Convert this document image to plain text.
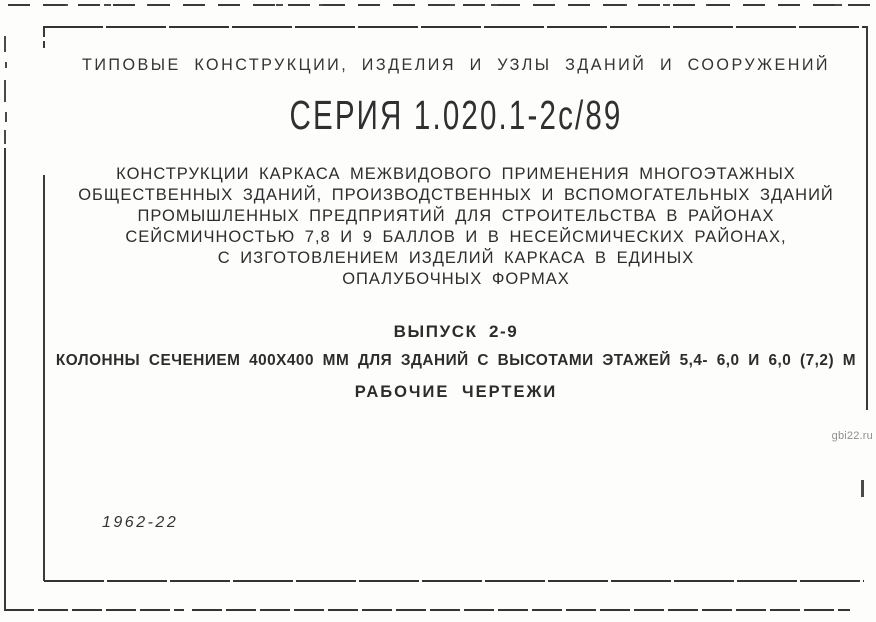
ТИПОВЫЕ КОНСТРУКЦИИ, ИЗДЕЛИЯ И УЗЛЫ ЗДАНИЙ И СООРУЖЕНИЙ
СЕРИЯ 1.020.1-2с/89
КОНСТРУКЦИИ КАРКАСА МЕЖВИДОВОГО ПРИМЕНЕНИЯ МНОГОЭТАЖНЫХ
ОБЩЕСТВЕННЫХ ЗДАНИЙ, ПРОИЗВОДСТВЕННЫХ И ВСПОМОГАТЕЛЬНЫХ ЗДАНИЙ
ПРОМЫШЛЕННЫХ ПРЕДПРИЯТИЙ ДЛЯ СТРОИТЕЛЬСТВА В РАЙОНАХ
СЕЙСМИЧНОСТЬЮ 7,8 И 9 БАЛЛОВ И В НЕСЕЙСМИЧЕСКИХ РАЙОНАХ,
С ИЗГОТОВЛЕНИЕМ ИЗДЕЛИЙ КАРКАСА В ЕДИНЫХ
ОПАЛУБОЧНЫХ ФОРМАХ
ВЫПУСК 2-9
КОЛОННЫ СЕЧЕНИЕМ 400Х400 ММ ДЛЯ ЗДАНИЙ С ВЫСОТАМИ ЭТАЖЕЙ 5,4- 6,0 И 6,0 (7,2) М
РАБОЧИЕ ЧЕРТЕЖИ
gbi22.ru
1962-22
